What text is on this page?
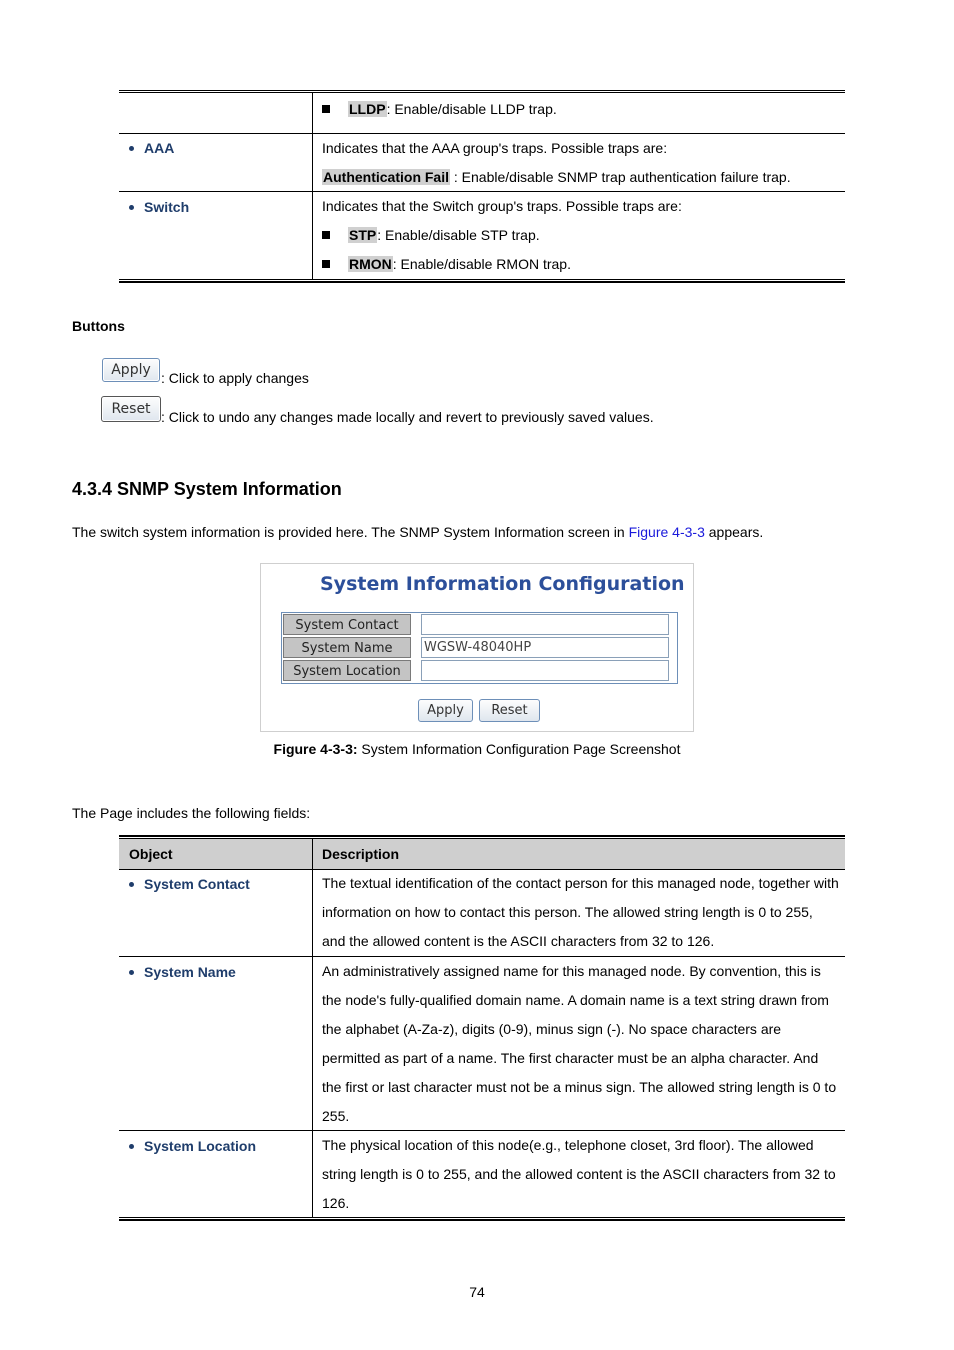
LLDP: Enable/disable LLDP trap.
AAA	Indicates that the AAA group's traps. Possible traps are:
Authentication Fail : Enable/disable SNMP trap authentication failure trap.
Switch	Indicates that the Switch group's traps. Possible traps are:
STP: Enable/disable STP trap.
RMON: Enable/disable RMON trap.
Buttons
Apply : Click to apply changes
Reset : Click to undo any changes made locally and revert to previously saved values.
4.3.4 SNMP System Information
The switch system information is provided here. The SNMP System Information screen in Figure 4-3-3 appears.
System Information Configuration
System Contact
System Name	WGSW-48040HP
System Location
Apply	Reset
Figure 4-3-3: System Information Configuration Page Screenshot
The Page includes the following fields:
Object	Description
System Contact	The textual identification of the contact person for this managed node, together with information on how to contact this person. The allowed string length is 0 to 255, and the allowed content is the ASCII characters from 32 to 126.
System Name	An administratively assigned name for this managed node. By convention, this is the node's fully-qualified domain name. A domain name is a text string drawn from the alphabet (A-Za-z), digits (0-9), minus sign (-). No space characters are permitted as part of a name. The first character must be an alpha character. And the first or last character must not be a minus sign. The allowed string length is 0 to 255.
System Location	The physical location of this node(e.g., telephone closet, 3rd floor). The allowed string length is 0 to 255, and the allowed content is the ASCII characters from 32 to 126.
74
